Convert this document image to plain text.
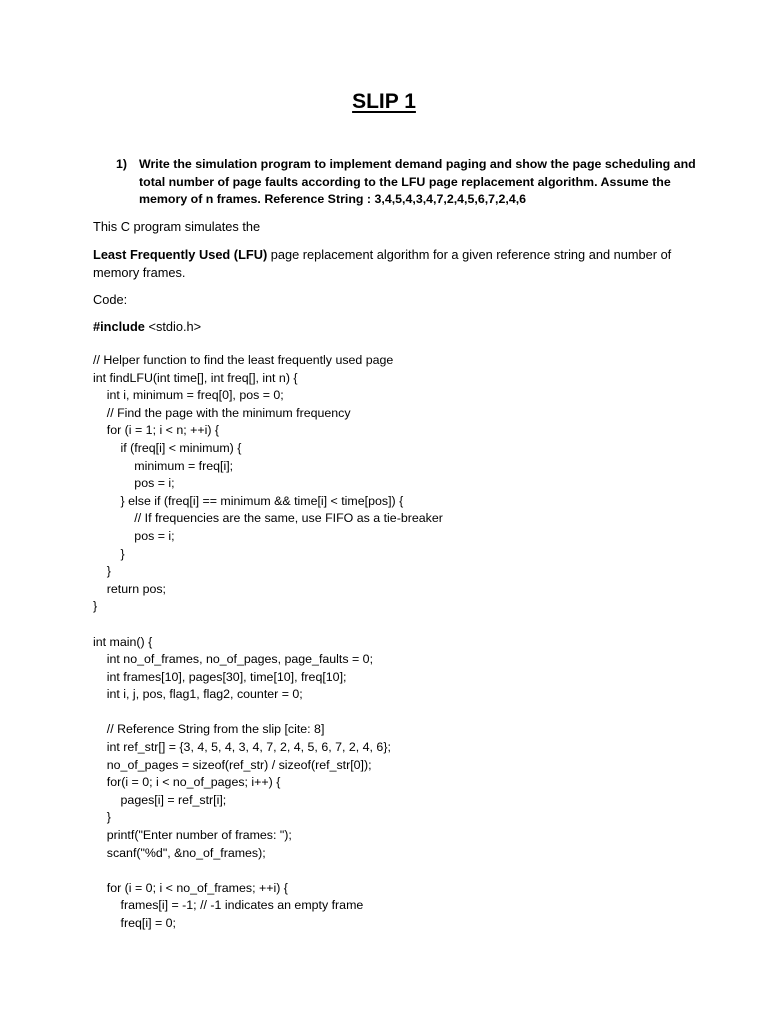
SLIP 1
1) Write the simulation program to implement demand paging and show the page scheduling and total number of page faults according to the LFU page replacement algorithm. Assume the memory of n frames. Reference String : 3,4,5,4,3,4,7,2,4,5,6,7,2,4,6

This C program simulates the

Least Frequently Used (LFU) page replacement algorithm for a given reference string and number of memory frames.

Code:

#include <stdio.h>

// Helper function to find the least frequently used page
int findLFU(int time[], int freq[], int n) {
int i, minimum = freq[0], pos = 0;
// Find the page with the minimum frequency
for (i = 1; i < n; ++i) {
if (freq[i] < minimum) {
minimum = freq[i];
pos = i;
} else if (freq[i] == minimum && time[i] < time[pos]) {
// If frequencies are the same, use FIFO as a tie-breaker
pos = i;
}
}
return pos;
}

int main() {
int no_of_frames, no_of_pages, page_faults = 0;
int frames[10], pages[30], time[10], freq[10];
int i, j, pos, flag1, flag2, counter = 0;

// Reference String from the slip [cite: 8]
int ref_str[] = {3, 4, 5, 4, 3, 4, 7, 2, 4, 5, 6, 7, 2, 4, 6};
no_of_pages = sizeof(ref_str) / sizeof(ref_str[0]);
for(i = 0; i < no_of_pages; i++) {
pages[i] = ref_str[i];
}
printf("Enter number of frames: ");
scanf("%d", &no_of_frames);

for (i = 0; i < no_of_frames; ++i) {
frames[i] = -1; // -1 indicates an empty frame
freq[i] = 0;
